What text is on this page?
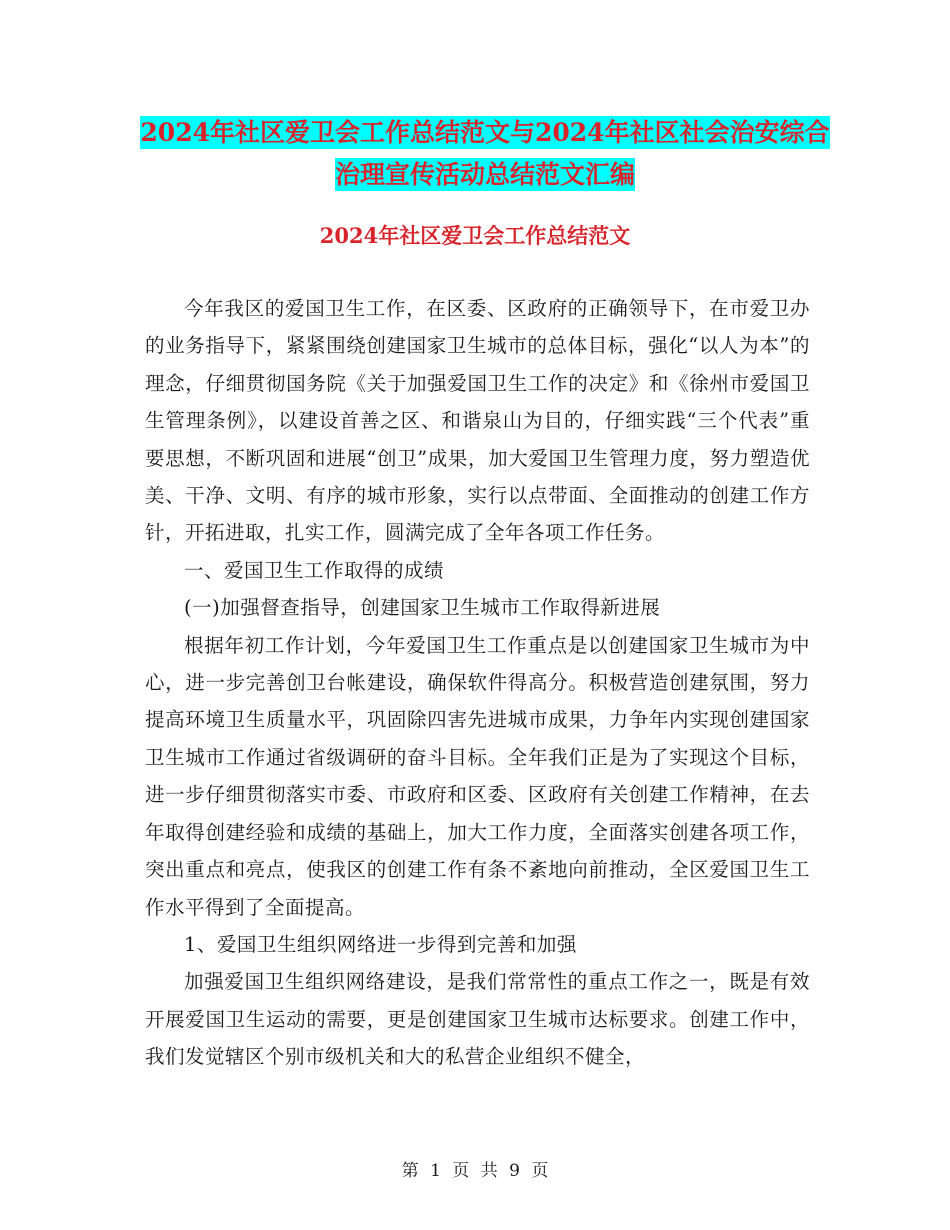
2024年社区爱卫会工作总结范文与2024年社区社会治安综合治理宣传活动总结范文汇编
2024年社区爱卫会工作总结范文

今年我区的爱国卫生工作，在区委、区政府的正确领导下，在市爱卫办的业务指导下，紧紧围绕创建国家卫生城市的总体目标，强化“以人为本”的理念，仔细贯彻国务院《关于加强爱国卫生工作的决定》和《徐州市爱国卫生管理条例》，以建设首善之区、和谐泉山为目的，仔细实践“三个代表”重要思想，不断巩固和进展“创卫”成果，加大爱国卫生管理力度，努力塑造优美、干净、文明、有序的城市形象，实行以点带面、全面推动的创建工作方针，开拓进取，扎实工作，圆满完成了全年各项工作任务。

一、爱国卫生工作取得的成绩

(一)加强督查指导，创建国家卫生城市工作取得新进展

根据年初工作计划，今年爱国卫生工作重点是以创建国家卫生城市为中心，进一步完善创卫台帐建设，确保软件得高分。积极营造创建氛围，努力提高环境卫生质量水平，巩固除四害先进城市成果，力争年内实现创建国家卫生城市工作通过省级调研的奋斗目标。全年我们正是为了实现这个目标，进一步仔细贯彻落实市委、市政府和区委、区政府有关创建工作精神，在去年取得创建经验和成绩的基础上，加大工作力度，全面落实创建各项工作，突出重点和亮点，使我区的创建工作有条不紊地向前推动，全区爱国卫生工作水平得到了全面提高。

1、爱国卫生组织网络进一步得到完善和加强

加强爱国卫生组织网络建设，是我们常常性的重点工作之一，既是有效开展爱国卫生运动的需要，更是创建国家卫生城市达标要求。创建工作中，我们发觉辖区个别市级机关和大的私营企业组织不健全，

第 1 页 共 9 页
